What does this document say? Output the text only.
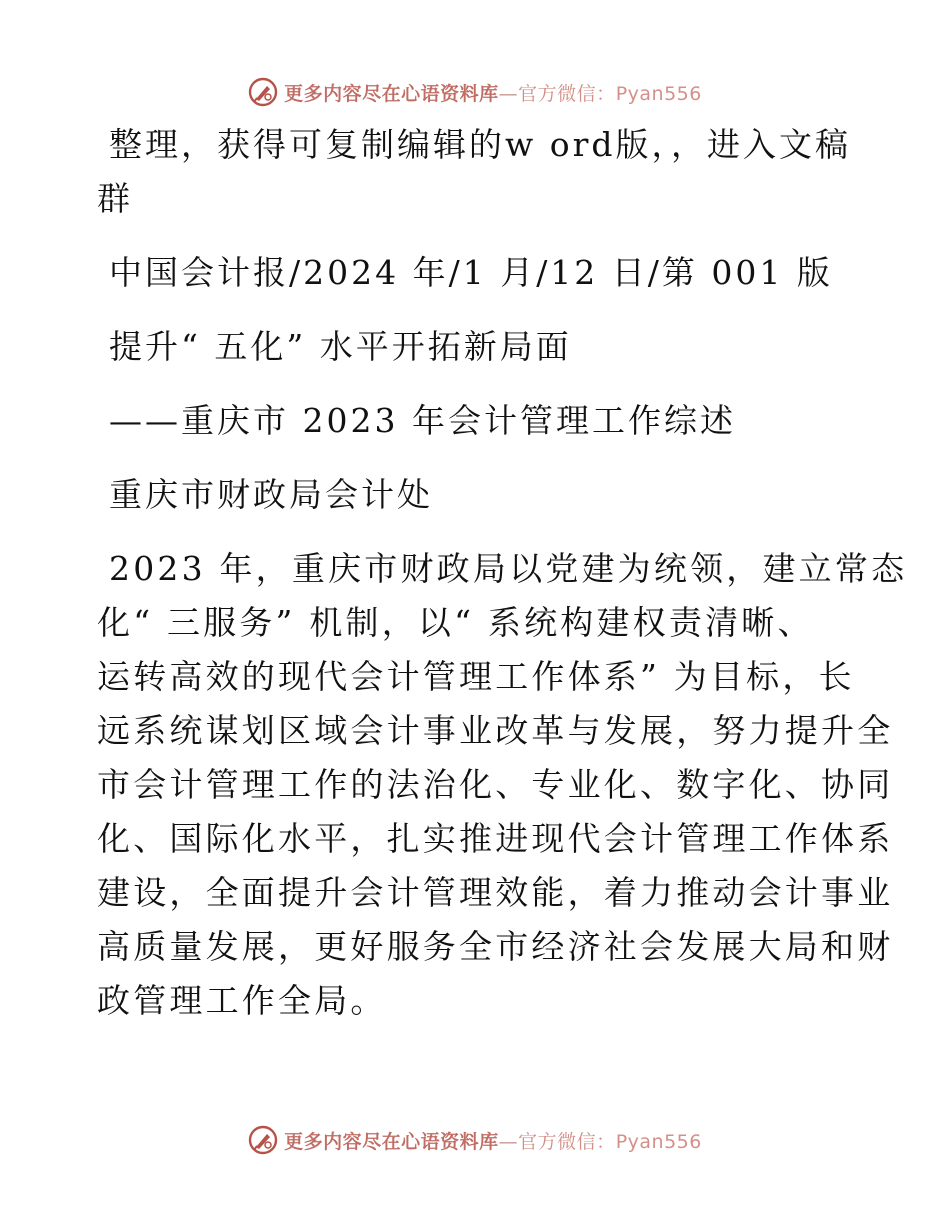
更多内容尽在心语资料库—官方微信：Pyan556

整理，获得可复制编辑的w ord版，，进入文稿

群

中国会计报/2024 年/1 月/12 日/第 001 版

提升“ 五化” 水平开拓新局面

——重庆市 2023 年会计管理工作综述

重庆市财政局会计处

2023 年，重庆市财政局以党建为统领，建立常态

化“ 三服务” 机制，以“ 系统构建权责清晰、

运转高效的现代会计管理工作体系” 为目标，长

远系统谋划区域会计事业改革与发展，努力提升全

市会计管理工作的法治化、专业化、数字化、协同

化、国际化水平，扎实推进现代会计管理工作体系

建设，全面提升会计管理效能，着力推动会计事业

高质量发展，更好服务全市经济社会发展大局和财

政管理工作全局。

更多内容尽在心语资料库—官方微信：Pyan556
